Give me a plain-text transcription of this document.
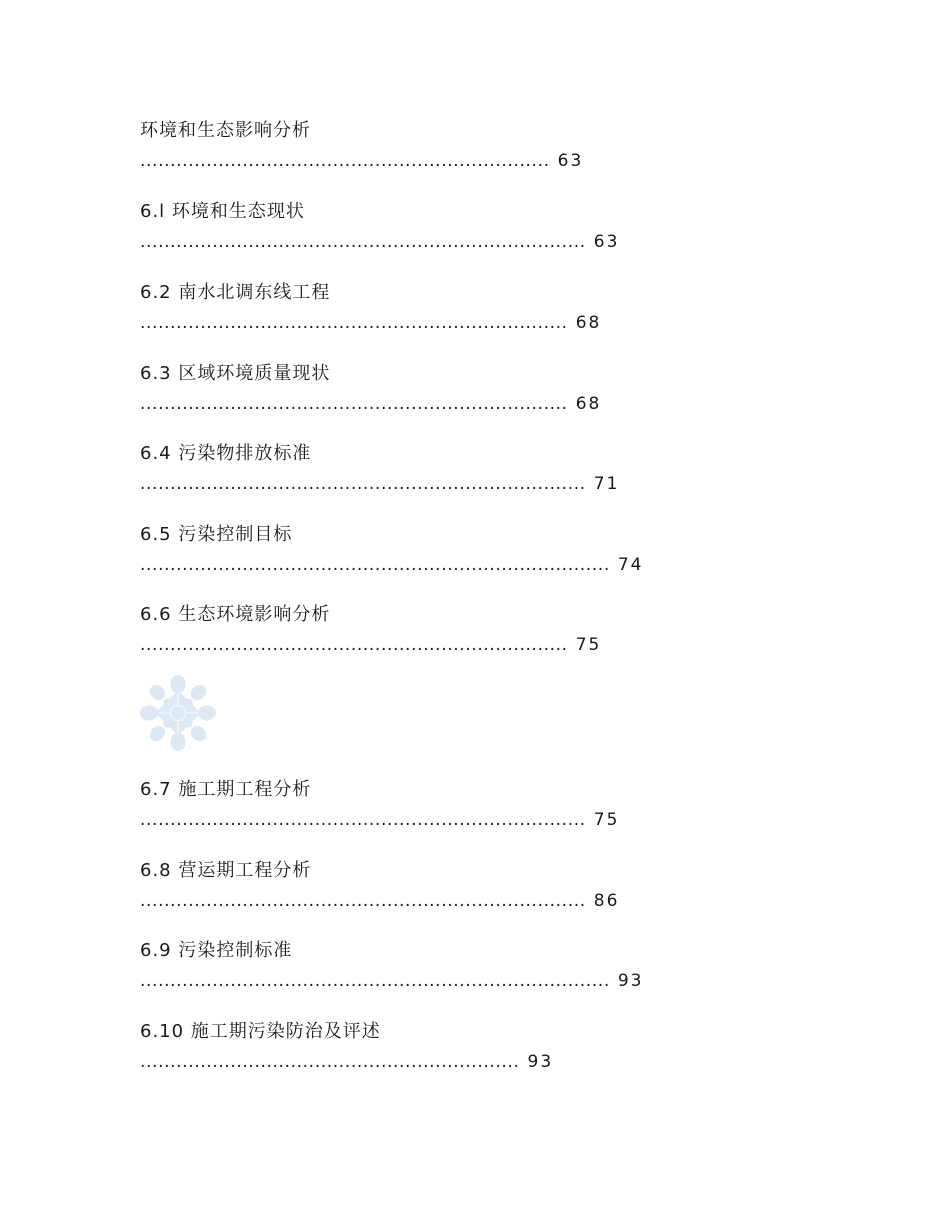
环境和生态影响分析
.................................................................... 63
6.l 环境和生态现状
.......................................................................... 63
6.2 南水北调东线工程
....................................................................... 68
6.3 区域环境质量现状
....................................................................... 68
6.4 污染物排放标准
.......................................................................... 71
6.5 污染控制目标
.............................................................................. 74
6.6 生态环境影响分析
....................................................................... 75
6.7 施工期工程分析
.......................................................................... 75
6.8 营运期工程分析
.......................................................................... 86
6.9 污染控制标准
.............................................................................. 93
6.10 施工期污染防治及评述
............................................................... 93
